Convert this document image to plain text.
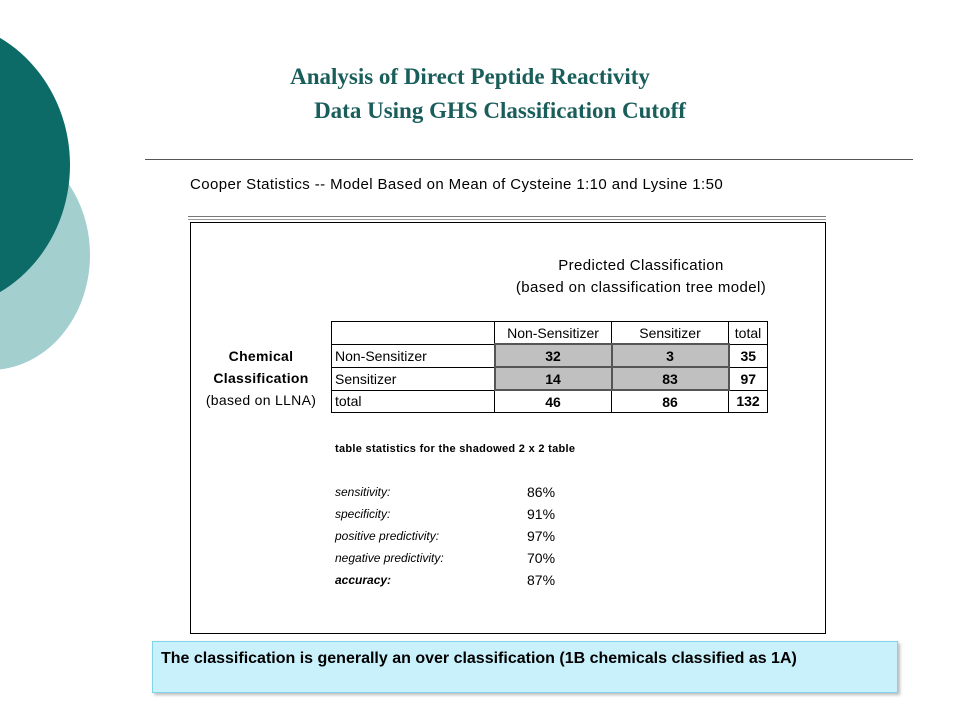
Analysis of Direct Peptide Reactivity
Data Using GHS Classification Cutoff
Cooper Statistics -- Model Based on Mean of Cysteine 1:10 and Lysine 1:50
Predicted Classification
(based on classification tree model)
Chemical
Classification
(based on LLNA)
	Non-Sensitizer	Sensitizer	total
Non-Sensitizer	32	3	35
Sensitizer	14	83	97
total	46	86	132
table statistics for the shadowed 2 x 2 table
sensitivity:	86%
specificity:	91%
positive predictivity:	97%
negative predictivity:	70%
accuracy:	87%
The classification is generally an over classification (1B chemicals classified as 1A)
